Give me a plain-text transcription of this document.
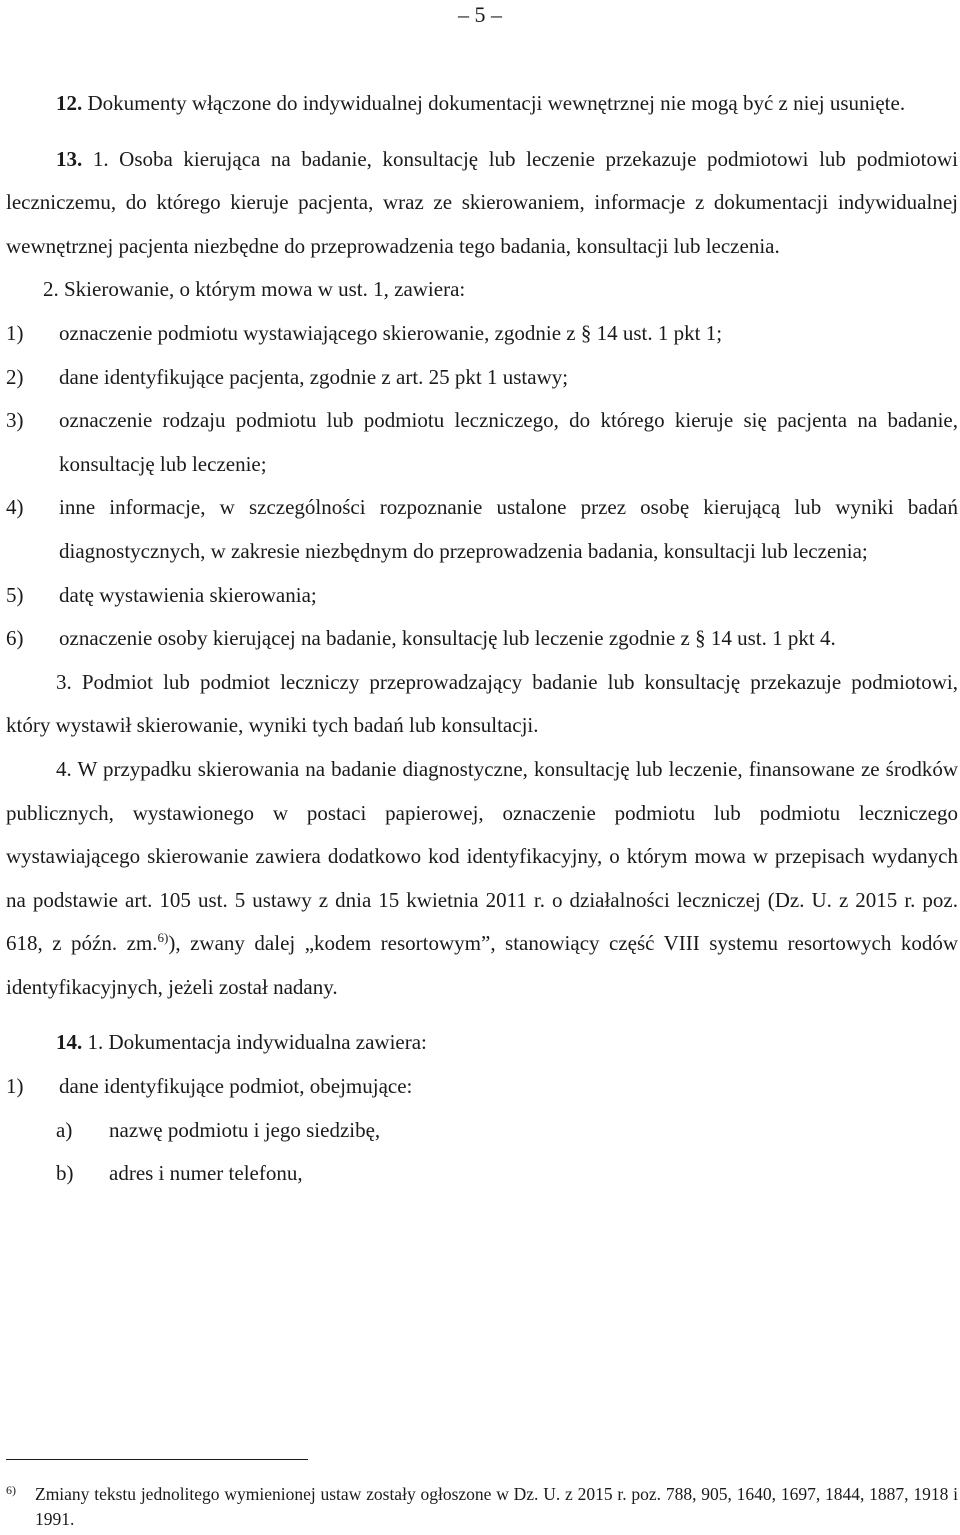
– 5 –

12. Dokumenty włączone do indywidualnej dokumentacji wewnętrznej nie mogą być z niej usunięte.

13. 1. Osoba kierująca na badanie, konsultację lub leczenie przekazuje podmiotowi lub podmiotowi leczniczemu, do którego kieruje pacjenta, wraz ze skierowaniem, informacje z dokumentacji indywidualnej wewnętrznej pacjenta niezbędne do przeprowadzenia tego badania, konsultacji lub leczenia.

2. Skierowanie, o którym mowa w ust. 1, zawiera:

1) oznaczenie podmiotu wystawiającego skierowanie, zgodnie z § 14 ust. 1 pkt 1;

2) dane identyfikujące pacjenta, zgodnie z art. 25 pkt 1 ustawy;

3) oznaczenie rodzaju podmiotu lub podmiotu leczniczego, do którego kieruje się pacjenta na badanie, konsultację lub leczenie;

4) inne informacje, w szczególności rozpoznanie ustalone przez osobę kierującą lub wyniki badań diagnostycznych, w zakresie niezbędnym do przeprowadzenia badania, konsultacji lub leczenia;

5) datę wystawienia skierowania;

6) oznaczenie osoby kierującej na badanie, konsultację lub leczenie zgodnie z § 14 ust. 1 pkt 4.

3. Podmiot lub podmiot leczniczy przeprowadzający badanie lub konsultację przekazuje podmiotowi, który wystawił skierowanie, wyniki tych badań lub konsultacji.

4. W przypadku skierowania na badanie diagnostyczne, konsultację lub leczenie, finansowane ze środków publicznych, wystawionego w postaci papierowej, oznaczenie podmiotu lub podmiotu leczniczego wystawiającego skierowanie zawiera dodatkowo kod identyfikacyjny, o którym mowa w przepisach wydanych na podstawie art. 105 ust. 5 ustawy z dnia 15 kwietnia 2011 r. o działalności leczniczej (Dz. U. z 2015 r. poz. 618, z późn. zm.$^{6)}$), zwany dalej „kodem resortowym”, stanowiący część VIII systemu resortowych kodów identyfikacyjnych, jeżeli został nadany.

14. 1. Dokumentacja indywidualna zawiera:

1) dane identyfikujące podmiot, obejmujące:

a) nazwę podmiotu i jego siedzibę,

b) adres i numer telefonu,

6)	Zmiany tekstu jednolitego wymienionej ustaw zostały ogłoszone w Dz. U. z 2015 r. poz. 788, 905, 1640, 1697, 1844, 1887, 1918 i 1991.
